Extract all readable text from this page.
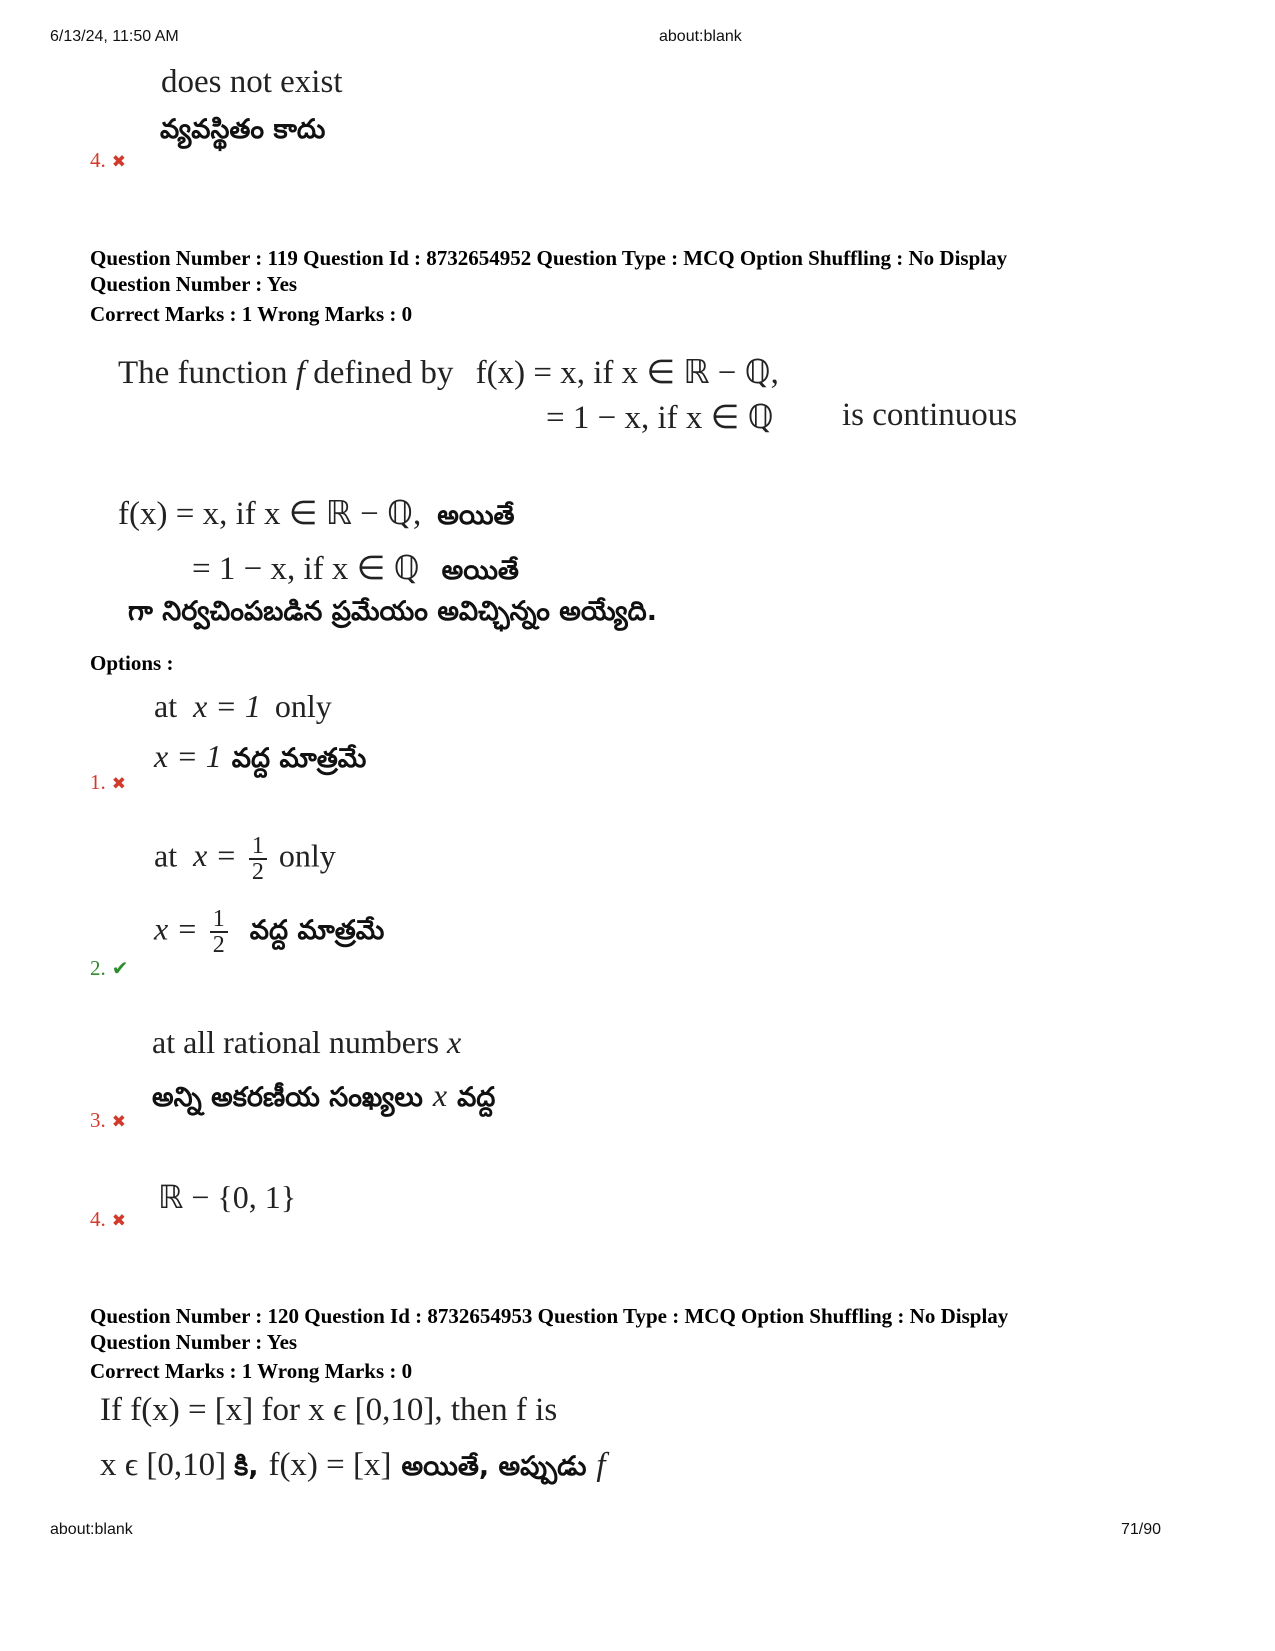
6/13/24, 11:50 AM	about:blank
does not exist
వ్యవస్థితం కాదు
4. ✖
Question Number : 119 Question Id : 8732654952 Question Type : MCQ Option Shuffling : No Display
Question Number : Yes
Correct Marks : 1 Wrong Marks : 0
The function f defined by f(x) = x, if x ∈ ℝ − ℚ,
= 1 − x, if x ∈ ℚ is continuous
f(x) = x, if x ∈ ℝ − ℚ, అయితే
= 1 − x, if x ∈ ℚ అయితే
గా నిర్వచింపబడిన ప్రమేయం అవిచ్ఛిన్నం అయ్యేది.
Options :
at x = 1 only
x = 1 వద్ద మాత్రమే
1. ✖
at $x = \frac{1}{2}$ only
$x = \frac{1}{2}$ వద్ద మాత్రమే
2. ✔
at all rational numbers x
అన్ని అకరణీయ సంఖ్యలు x వద్ద
3. ✖
ℝ − {0, 1}
4. ✖
Question Number : 120 Question Id : 8732654953 Question Type : MCQ Option Shuffling : No Display
Question Number : Yes
Correct Marks : 1 Wrong Marks : 0
If f(x) = [x] for x ϵ [0,10], then f is
x ϵ [0,10] కి, f(x) = [x] అయితే, అప్పుడు f
about:blank	71/90
